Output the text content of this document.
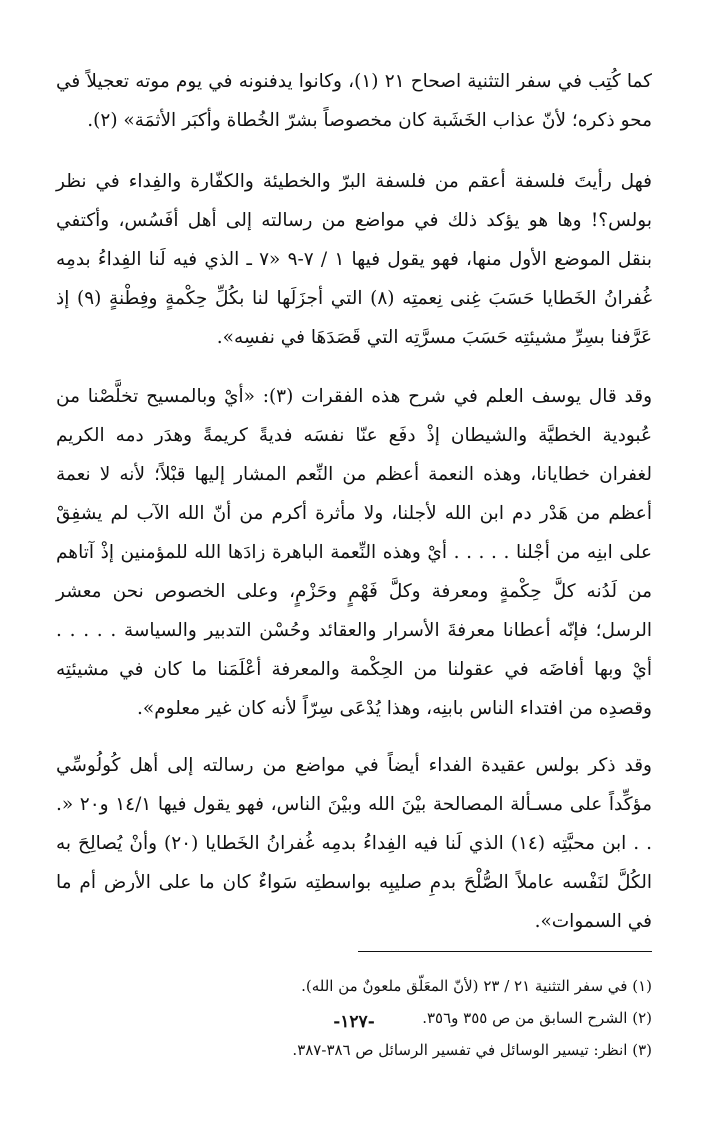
كما كُتِب في سفر التثنية اصحاح ٢١ (١)، وكانوا يدفنونه في يوم موته تعجيلاً في محو ذكره؛ لأنّ عذاب الخَشَبة كان مخصوصاً بشرّ الخُطاة وأكبَر الأثمَة» (٢).

فهل رأيتَ فلسفة أعقم من فلسفة البرّ والخطيئة والكفّارة والفِداء في نظر بولس؟! وها هو يؤكد ذلك في مواضع من رسالته إلى أهل أفَسُس، وأكتفي بنقل الموضع الأول منها، فهو يقول فيها ١ / ٧-٩ «٧ ـ الذي فيه لَنا الفِداءُ بدمِه غُفرانُ الخَطايا حَسَبَ غِنى نِعمتِه (٨) التي أجزَلَها لنا بكُلِّ حِكْمةٍ وفِطْنةٍ (٩) إذ عَرَّفنا بسِرِّ مشيئتِه حَسَبَ مسرَّتِه التي قَصَدَهَا في نفسِه».

وقد قال يوسف العلم في شرح هذه الفقرات (٣): «أيْ وبالمسيح تخلَّصْنا من عُبودية الخطيَّة والشيطان إذْ دفَع عنّا نفسَه فديةً كريمةً وهدَر دمه الكريم لغفران خطايانا، وهذه النعمة أعظم من النِّعم المشار إليها قبْلاً؛ لأنه لا نعمة أعظم من هَدْر دم ابن الله لأجلنا، ولا مأثرة أكرم من أنّ الله الآب لم يشفِقْ على ابنِه من أجْلنا . . . . . أيْ وهذه النِّعمة الباهرة زادَها الله للمؤمنين إذْ آتاهم من لَدُنه كلَّ حِكْمةٍ ومعرفة وكلَّ فَهْمٍ وحَزْمٍ، وعلى الخصوص نحن معشر الرسل؛ فإنّه أعطانا معرفةَ الأسرار والعقائد وحُسْن التدبير والسياسة . . . . . أيْ وبها أفاضَه في عقولنا من الحِكْمة والمعرفة أعْلَمَنا ما كان في مشيئتِه وقصدِه من افتداء الناس بابنِه، وهذا يُدْعَى سِرّاً لأنه كان غير معلوم».

وقد ذكر بولس عقيدة الفداء أيضاً في مواضع من رسالته إلى أهل كُولُوسِّي مؤكِّداً على مسـألة المصالحة بيْنَ الله وبيْنَ الناس، فهو يقول فيها ١٤/١ و٢٠ «. . . ابن محبَّتِه (١٤) الذي لَنا فيه الفِداءُ بدمِه غُفرانُ الخَطايا (٢٠) وأنْ يُصالِحَ به الكُلَّ لنَفْسه عاملاً الصُّلْحَ بدمِ صليبِه بواسطتِه سَواءٌ كان ما على الأرض أم ما في السموات».

(١) في سفر التثنية ٢١ / ٢٣ (لأنّ المعَلّق ملعونٌ من الله).
(٢) الشرح السابق من ص ٣٥٥ و٣٥٦.
(٣) انظر: تيسير الوسائل في تفسير الرسائل ص ٣٨٦-٣٨٧.
-١٢٧-
